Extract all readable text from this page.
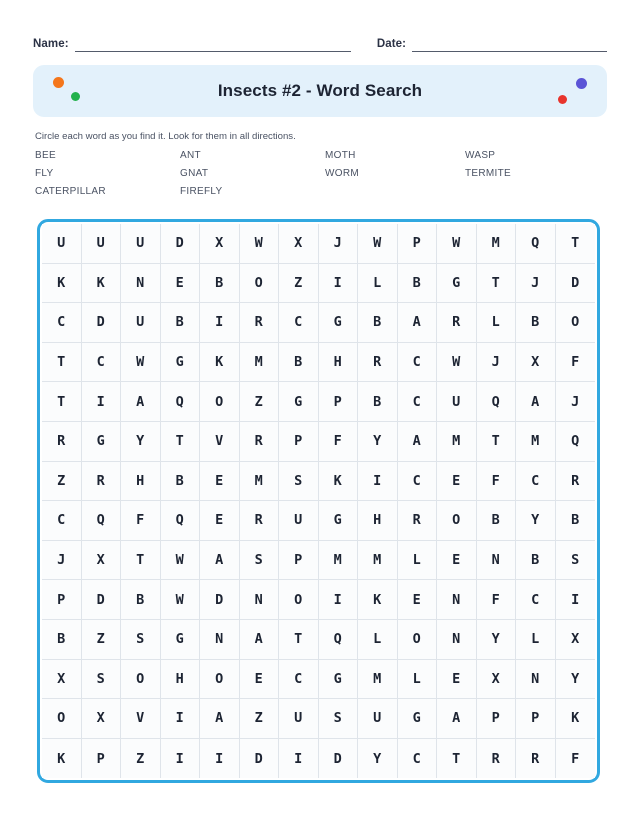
Name:	Date:
Insects #2 - Word Search

Circle each word as you find it. Look for them in all directions.

BEE	ANT	MOTH	WASP
FLY	GNAT	WORM	TERMITE
CATERPILLAR	FIREFLY
U	U	U	D	X	W	X	J	W	P	W	M	Q	T
K	K	N	E	B	O	Z	I	L	B	G	T	J	D
C	D	U	B	I	R	C	G	B	A	R	L	B	O
T	C	W	G	K	M	B	H	R	C	W	J	X	F
T	I	A	Q	O	Z	G	P	B	C	U	Q	A	J
R	G	Y	T	V	R	P	F	Y	A	M	T	M	Q
Z	R	H	B	E	M	S	K	I	C	E	F	C	R
C	Q	F	Q	E	R	U	G	H	R	O	B	Y	B
J	X	T	W	A	S	P	M	M	L	E	N	B	S
P	D	B	W	D	N	O	I	K	E	N	F	C	I
B	Z	S	G	N	A	T	Q	L	O	N	Y	L	X
X	S	O	H	O	E	C	G	M	L	E	X	N	Y
O	X	V	I	A	Z	U	S	U	G	A	P	P	K
K	P	Z	I	I	D	I	D	Y	C	T	R	R	F
